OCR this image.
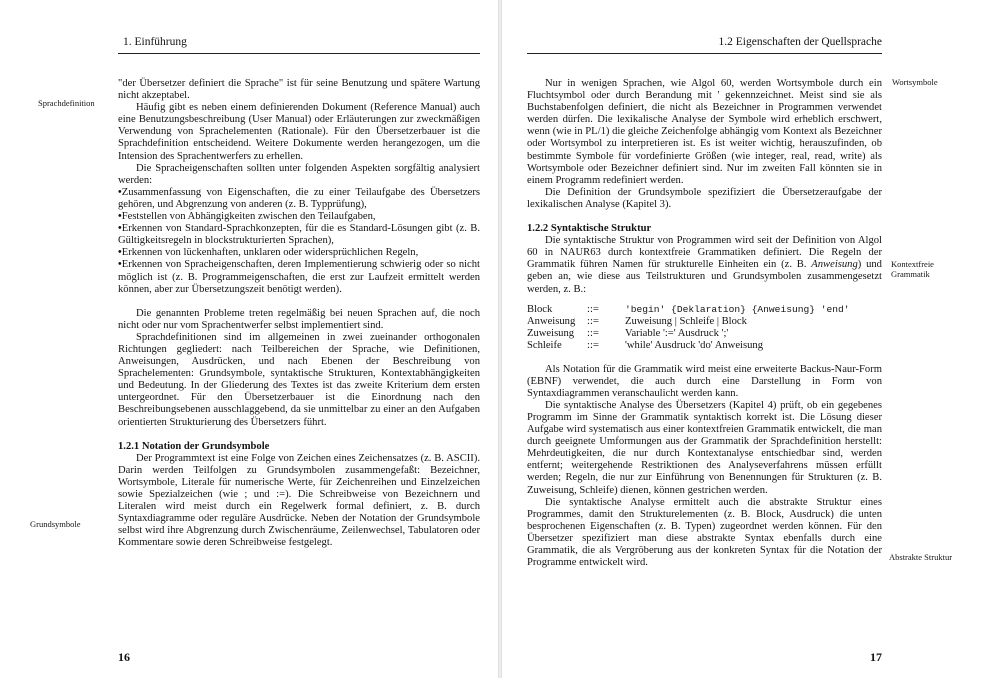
1. Einführung
Sprachdefinition
Grundsymbole

"der Übersetzer definiert die Sprache" ist für seine Benutzung und spätere Wartung nicht akzeptabel.

Häufig gibt es neben einem definierenden Dokument (Reference Manual) auch eine Benutzungsbeschreibung (User Manual) oder Erläuterungen zur zweckmäßigen Verwendung von Sprachelementen (Rationale). Für den Übersetzerbauer ist die Sprachdefinition entscheidend. Weitere Dokumente werden herangezogen, um die Intension des Sprachentwerfers zu erhellen.

Die Spracheigenschaften sollten unter folgenden Aspekten sorgfältig analysiert werden:

•Zusammenfassung von Eigenschaften, die zu einer Teilaufgabe des Übersetzers gehören, und Abgrenzung von anderen (z. B. Typprüfung),

•Feststellen von Abhängigkeiten zwischen den Teilaufgaben,

•Erkennen von Standard-Sprachkonzepten, für die es Standard-Lösungen gibt (z. B. Gültigkeitsregeln in blockstrukturierten Sprachen),

•Erkennen von lückenhaften, unklaren oder widersprüchlichen Regeln,

•Erkennen von Spracheigenschaften, deren Implementierung schwierig oder so nicht möglich ist (z. B. Programmeigenschaften, die erst zur Laufzeit ermittelt werden können, aber zur Übersetzungszeit benötigt werden).

Die genannten Probleme treten regelmäßig bei neuen Sprachen auf, die noch nicht oder nur vom Sprachentwerfer selbst implementiert sind.

Sprachdefinitionen sind im allgemeinen in zwei zueinander orthogonalen Richtungen gegliedert: nach Teilbereichen der Sprache, wie Definitionen, Anweisungen, Ausdrücken, und nach Ebenen der Beschreibung von Sprachelementen: Grundsymbole, syntaktische Strukturen, Kontextabhängigkeiten und Bedeutung. In der Gliederung des Textes ist das zweite Kriterium dem ersten untergeordnet. Für den Übersetzerbauer ist die Einordnung nach den Beschreibungsebenen ausschlaggebend, da sie unmittelbar zu einer an den Aufgaben orientierten Strukturierung des Übersetzers führt.

1.2.1 Notation der Grundsymbole

Der Programmtext ist eine Folge von Zeichen eines Zeichensatzes (z. B. ASCII). Darin werden Teilfolgen zu Grundsymbolen zusammengefaßt: Bezeichner, Wortsymbole, Literale für numerische Werte, für Zeichenreihen und Einzelzeichen sowie Spezialzeichen (wie ; und :=). Die Schreibweise von Bezeichnern und Literalen wird meist durch ein Regelwerk formal definiert, z. B. durch Syntaxdiagramme oder reguläre Ausdrücke. Neben der Notation der Grundsymbole selbst wird ihre Abgrenzung durch Zwischenräume, Zeilenwechsel, Tabulatoren oder Kommentare sowie deren Schreibweise festgelegt.

16
1.2 Eigenschaften der Quellsprache
Wortsymbole
Kontextfreie Grammatik
Abstrakte Struktur

Nur in wenigen Sprachen, wie Algol 60, werden Wortsymbole durch ein Fluchtsymbol oder durch Berandung mit ' gekennzeichnet. Meist sind sie als Buchstabenfolgen definiert, die nicht als Bezeichner in Programmen verwendet werden dürfen. Die lexikalische Analyse der Symbole wird erheblich erschwert, wenn (wie in PL/1) die gleiche Zeichenfolge abhängig vom Kontext als Bezeichner oder Wortsymbol zu interpretieren ist. Es ist weiter wichtig, herauszufinden, ob bestimmte Symbole für vordefinierte Größen (wie integer, real, read, write) als Wortsymbole oder Bezeichner definiert sind. Nur im zweiten Fall könnten sie in einem Programm redefiniert werden.

Die Definition der Grundsymbole spezifiziert die Übersetzeraufgabe der lexikalischen Analyse (Kapitel 3).

1.2.2 Syntaktische Struktur

Die syntaktische Struktur von Programmen wird seit der Definition von Algol 60 in NAUR63 durch kontextfreie Grammatiken definiert. Die Regeln der Grammatik führen Namen für strukturelle Einheiten ein (z. B. Anweisung) und geben an, wie diese aus Teilstrukturen und Grundsymbolen zusammengesetzt werden, z. B.:

Block	::=	'begin' {Deklaration} {Anweisung} 'end'
Anweisung	::=	Zuweisung | Schleife | Block
Zuweisung	::=	Variable ':=' Ausdruck ';'
Schleife	::=	'while' Ausdruck 'do' Anweisung

Als Notation für die Grammatik wird meist eine erweiterte Backus-Naur-Form (EBNF) verwendet, die auch durch eine Darstellung in Form von Syntaxdiagrammen veranschaulicht werden kann.

Die syntaktische Analyse des Übersetzers (Kapitel 4) prüft, ob ein gegebenes Programm im Sinne der Grammatik syntaktisch korrekt ist. Die Lösung dieser Aufgabe wird systematisch aus einer kontextfreien Grammatik entwickelt, die man durch geeignete Umformungen aus der Grammatik der Sprachdefinition herstellt: Mehrdeutigkeiten, die nur durch Kontextanalyse entschiedbar sind, werden entfernt; weitergehende Restriktionen des Analyseverfahrens müssen erfüllt werden; Regeln, die nur zur Einführung von Benennungen für Strukturen (z. B. Zuweisung, Schleife) dienen, können gestrichen werden.

Die syntaktische Analyse ermittelt auch die abstrakte Struktur eines Programmes, damit den Strukturelementen (z. B. Block, Ausdruck) die unten besprochenen Eigenschaften (z. B. Typen) zugeordnet werden können. Für den Übersetzer spezifiziert man diese abstrakte Syntax ebenfalls durch eine Grammatik, die als Vergröberung aus der konkreten Syntax für die Notation der Programme entwickelt wird.

17
